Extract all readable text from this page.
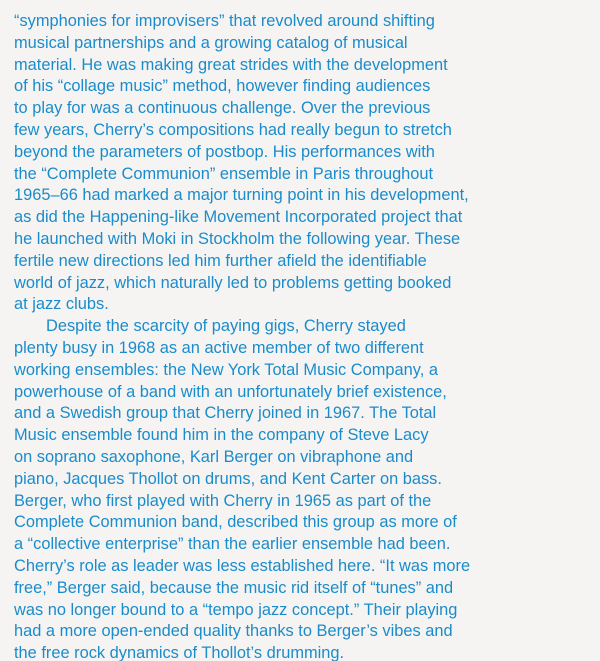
“symphonies for improvisers” that revolved around shifting
musical partnerships and a growing catalog of musical
material. He was making great strides with the development
of his “collage music” method, however finding audiences
to play for was a continuous challenge. Over the previous
few years, Cherry’s compositions had really begun to stretch
beyond the parameters of postbop. His performances with
the “Complete Communion” ensemble in Paris throughout
1965–66 had marked a major turning point in his development,
as did the Happening-like Movement Incorporated project that
he launched with Moki in Stockholm the following year. These
fertile new directions led him further afield the identifiable
world of jazz, which naturally led to problems getting booked
at jazz clubs.
Despite the scarcity of paying gigs, Cherry stayed
plenty busy in 1968 as an active member of two different
working ensembles: the New York Total Music Company, a
powerhouse of a band with an unfortunately brief existence,
and a Swedish group that Cherry joined in 1967. The Total
Music ensemble found him in the company of Steve Lacy
on soprano saxophone, Karl Berger on vibraphone and
piano, Jacques Thollot on drums, and Kent Carter on bass.
Berger, who first played with Cherry in 1965 as part of the
Complete Communion band, described this group as more of
a “collective enterprise” than the earlier ensemble had been.
Cherry’s role as leader was less established here. “It was more
free,” Berger said, because the music rid itself of “tunes” and
was no longer bound to a “tempo jazz concept.” Their playing
had a more open-ended quality thanks to Berger’s vibes and
the free rock dynamics of Thollot’s drumming.
